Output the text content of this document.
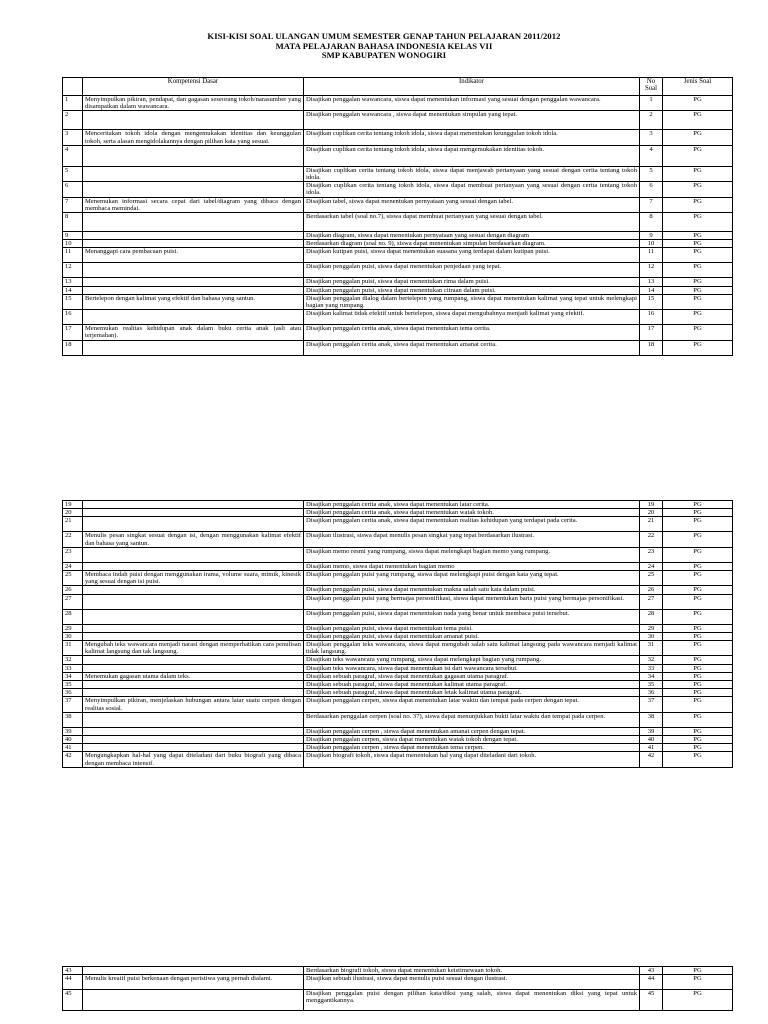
KISI-KISI SOAL ULANGAN UMUM SEMESTER GENAP TAHUN PELAJARAN 2011/2012
MATA PELAJARAN BAHASA INDONESIA KELAS VII
SMP KABUPATEN WONOGIRI
	Kompetensi Dasar	Indikator	No Soal	Jenis Soal
1	Menyimpulkan pikiran, pendapat, dan gagasan seseorang tokoh/narasumber yang disampaikan dalam wawancara.	Disajikan penggalan wawancara, siswa dapat menentukan informasi yang sesuai dengan penggalan wawancara.	1	PG
2		Disajikan penggalan wawancara , siswa dapat menentukan simpulan yang tepat.	2	PG
3	Menceritakan tokoh idola dengan mengemukakan identitas dan keunggulan tokoh, serta alasan mengidolakannya dengan pilihan kata yang sesuai.	Disajikan cuplikan cerita tentang tokoh idola, siswa dapat menentukan keunggulan tokoh idola.	3	PG
4		Disajikan cuplikan cerita tentang tokoh idola, siswa dapat mengemukakan identitas tokoh.	4	PG
5		Disajikan cuplikan cerita tentang tokoh idola, siswa dapat menjawab pertanyaan yang sesuai dengan cerita tentang tokoh idola.	5	PG
6		Disajikan cuplikan cerita tentang tokoh idola, siswa dapat membuat pertanyaan yang sesuai dengan cerita tentang tokoh idola.	6	PG
7	Menemukan informasi secara cepat dari tabel/diagram yang dibaca dengan membaca memindai.	Disajikan tabel, siswa dapat menentukan pernyataan yang sesuai dengan tabel.	7	PG
8		Berdasarkan tabel (soal no.7), siswa dapat membuat pertanyaan yang sesuai dengan tabel.	8	PG
9		Disajikan diagram, siswa dapat menentukan pernyataan yang sesuai dengan diagram	9	PG
10		Berdasarkan diagram (soal no. 9), siswa dapat menentukan simpulan berdasarkan diagram.	10	PG
11	Menanggapi cara pembacaan puisi.	Disajikan kutipan puisi, siswa dapat menentukan suasana yang terdapat dalam kutipan puisi.	11	PG
12		Disajikan penggalan puisi, siswa dapat menentukan penjedaan yang tepat.	12	PG
13		Disajikan penggalan puisi, siswa dapat menentukan rima dalam puisi.	13	PG
14		Disajikan penggalan puisi, siswa dapat menentukan citraan dalam puisi.	14	PG
15	Bertelepon dengan kalimat yang efektif dan bahasa yang santun.	Disajikan penggalan dialog dalam bertelepon yang rumpang, siswa dapat menentukan kalimat yang tepat untuk melengkapi bagian yang rumpang.	15	PG
16		Disajikan kalimat tidak efektif untuk bertelepon, siswa dapat mengubahnya menjadi kalimat yang efektif.	16	PG
17	Menemukan realitas kehidupan anak dalam buku cerita anak (asli atau terjemahan).	Disajikan penggalan cerita anak, siswa dapat menentukan tema cerita.	17	PG
18		Disajikan penggalan cerita anak, siswa dapat menentukan amanat cerita.	18	PG
19		Disajikan penggalan cerita anak, siswa dapat menentukan latar cerita.	19	PG
20		Disajikan penggalan cerita anak, siswa dapat menentukan watak tokoh.	20	PG
21		Disajikan penggalan cerita anak, siswa dapat menentukan realitas kehidupan yang terdapat pada cerita.	21	PG
22	Menulis pesan singkat sesuai dengan isi, dengan menggunakan kalimat efektif dan bahasa yang santun.	Disajikan ilustrasi, siswa dapat menulis pesan singkat yang tepat berdasarkan ilustrasi.	22	PG
23		Disajikan memo resmi yang rumpang, siswa dapat melengkapi bagian memo yang rumpang.	23	PG
24		Disajikan memo, siswa dapat menentukan bagian memo	24	PG
25	Membaca indah puisi dengan menggunakan irama, volume suara, mimik, kinesik yang sesuai dengan isi puisi.	Disajikan penggalan puisi yang rumpang, siswa dapat melengkapi puisi dengan kata yang tepat.	25	PG
26		Disajikan penggalan puisi, siswa dapat menentukan makna salah satu kata dalam puisi.	26	PG
27		Disajikan penggalan puisi yang bermajas personifikasi, siswa dapat menentukan baris puisi yang bermajas personifikasi.	27	PG
28		Disajikan penggalan puisi, siswa dapat menentukan nada yang benar untuk membaca puisi tersebut.	28	PG
29		Disajikan penggalan puisi, siswa dapat menentukan tema puisi.	29	PG
30		Disajikan penggalan puisi, siswa dapat menentukan amanat puisi.	30	PG
31	Mengubah teks wawancara menjadi narasi dengan memperhatikan cara penulisan kalimat langsung dan tak langsung.	Disajikan penggalan teks wawancara, siswa dapat mengubah salah satu kalimat langsung pada wawancara menjadi kalimat tidak langsung.	31	PG
32		Disajikan teks wawancara yang rumpang, siswa dapat melengkapi bagian yang rumpang.	32	PG
33		Disajikan teks wawancara, siswa dapat menentukan isi dari wawancara tersebut.	33	PG
34	Menemukan gagasan utama dalam teks.	Disajikan sebuah paragraf, siswa dapat menentukan gagasan utama paragraf.	34	PG
35		Disajikan sebuah paragraf, siswa dapat menentukan kalimat utama paragraf.	35	PG
36		Disajikan sebuah paragraf, siswa dapat menentukan letak kalimat utama paragraf.	36	PG
37	Menyimpulkan pikiran, menjelaskan hubungan antara latar suatu cerpen dengan realitas sosial.	Disajikan penggalan cerpen, siswa dapat menentukan latar waktu dan tempat pada cerpen dengan tepat.	37	PG
38		Berdasarkan penggalan cerpen (soal no. 37), siswa dapat menunjukkan bukti latar waktu dan tempat pada cerpen.	38	PG
39		Disajikan penggalan cerpen , siswa dapat menentukan amanat cerpen dengan tepat.	39	PG
40		Disajikan penggalan cerpen, siswa dapat menentukan watak tokoh dengan tepat.	40	PG
41		Disajikan penggalan cerpen , siswa dapat menentukan tema cerpen.	41	PG
42	Mengungkapkan hal-hal yang dapat diteladani dari buku biografi yang dibaca dengan membaca intensif.	Disajikan biografi tokoh, siswa dapat menentukan hal yang dapat diteladani dari tokoh.	42	PG
43		Berdasarkan biografi tokoh, siswa dapat menentukan keistimewaan tokoh.	43	PG
44	Menulis kreatif puisi berkenaan dengan peristiwa yang pernah dialami.	Disajikan sebuah ilustrasi, siswa dapat menulis puisi sesuai dengan ilustrasi.	44	PG
45		Disajikan penggalan puisi dengan pilihan kata/diksi yang salah, siswa dapat menentukan diksi yang tepat untuk menggantikannya.	45	PG
